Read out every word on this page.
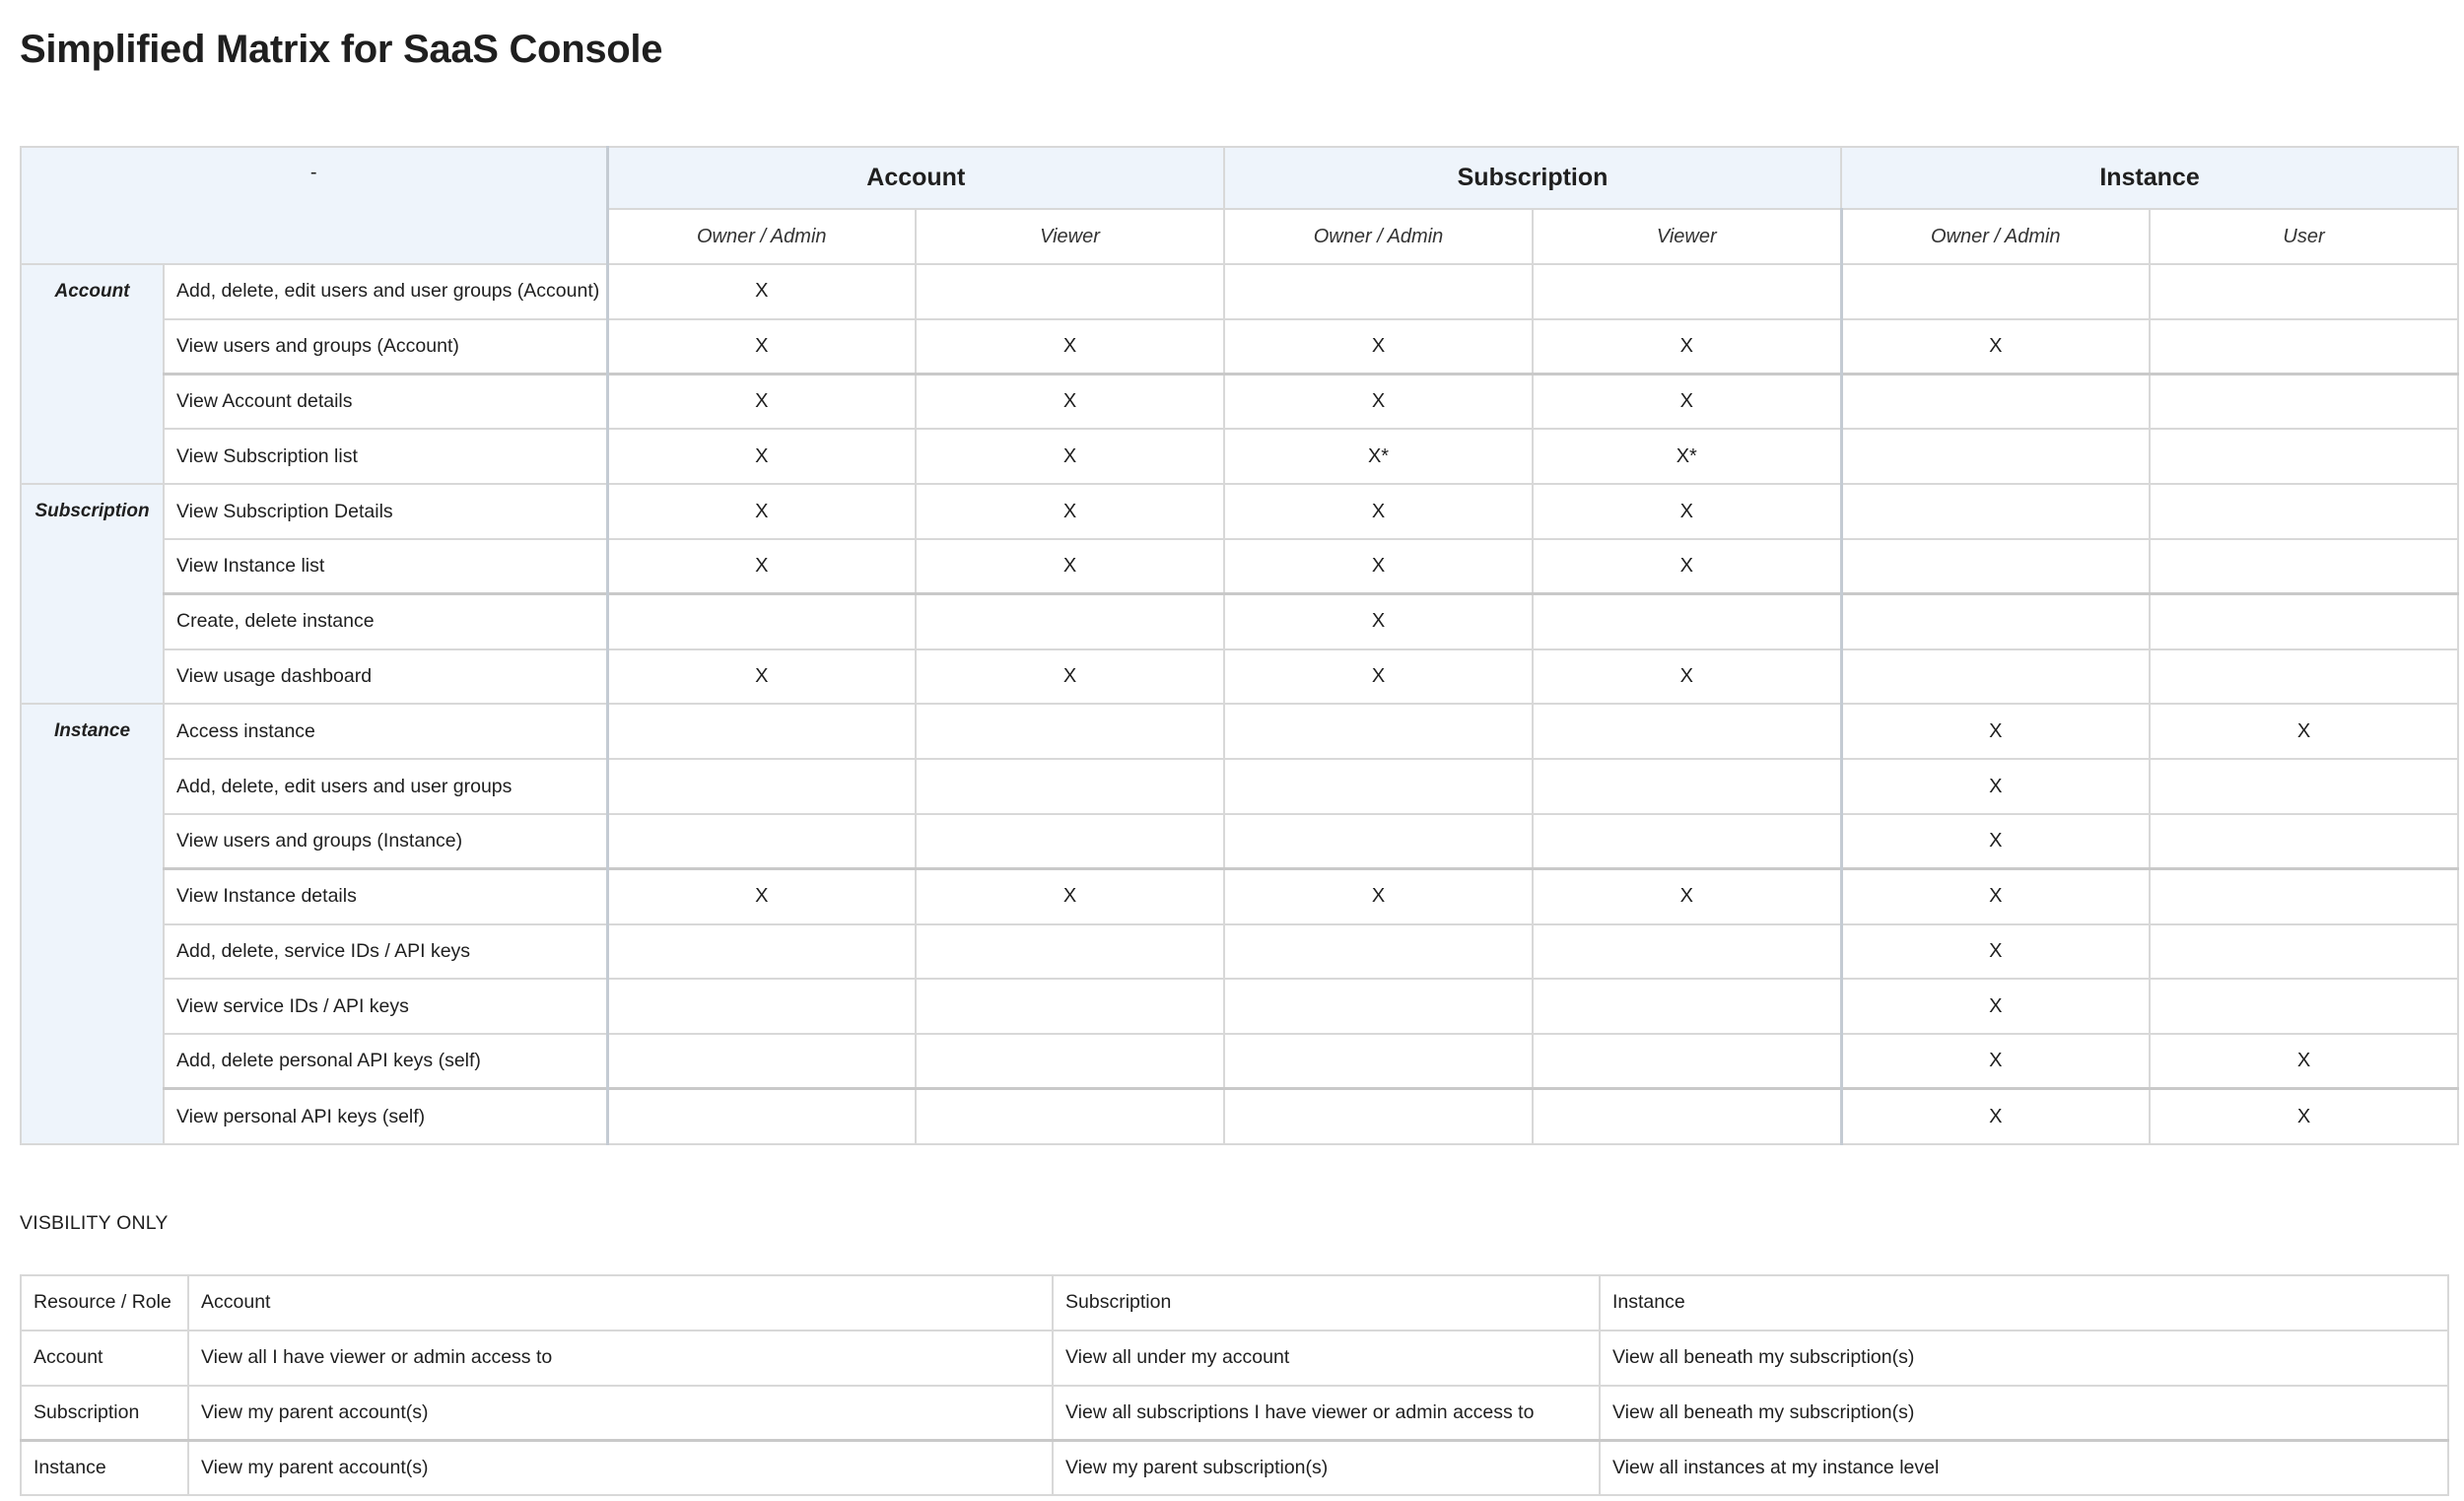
Simplified Matrix for SaaS Console
-		Account		Subscription		Instance	
		Owner / Admin	Viewer	Owner / Admin	Viewer	Owner / Admin	User
Account	Add, delete, edit users and user groups (Account)	X					
	View users and groups (Account)	X	X	X	X	X	
	View Account details	X	X	X	X		
	View Subscription list	X	X	X*	X*		
Subscription	View Subscription Details	X	X	X	X		
	View Instance list	X	X	X	X		
	Create, delete instance			X			
	View usage dashboard	X	X	X	X		
Instance	Access instance					X	X
	Add, delete, edit users and user groups					X	
	View users and groups (Instance)					X	
	View Instance details	X	X	X	X	X	
	Add, delete, service IDs / API keys					X	
	View service IDs / API keys					X	
	Add, delete personal API keys (self)					X	X
	View personal API keys (self)					X	X
VISBILITY ONLY
Resource / Role	Account	Subscription	Instance
Account	View all I have viewer or admin access to	View all under my account	View all beneath my subscription(s)
Subscription	View my parent account(s)	View all subscriptions I have viewer or admin access to	View all beneath my subscription(s)
Instance	View my parent account(s)	View my parent subscription(s)	View all instances at my instance level
